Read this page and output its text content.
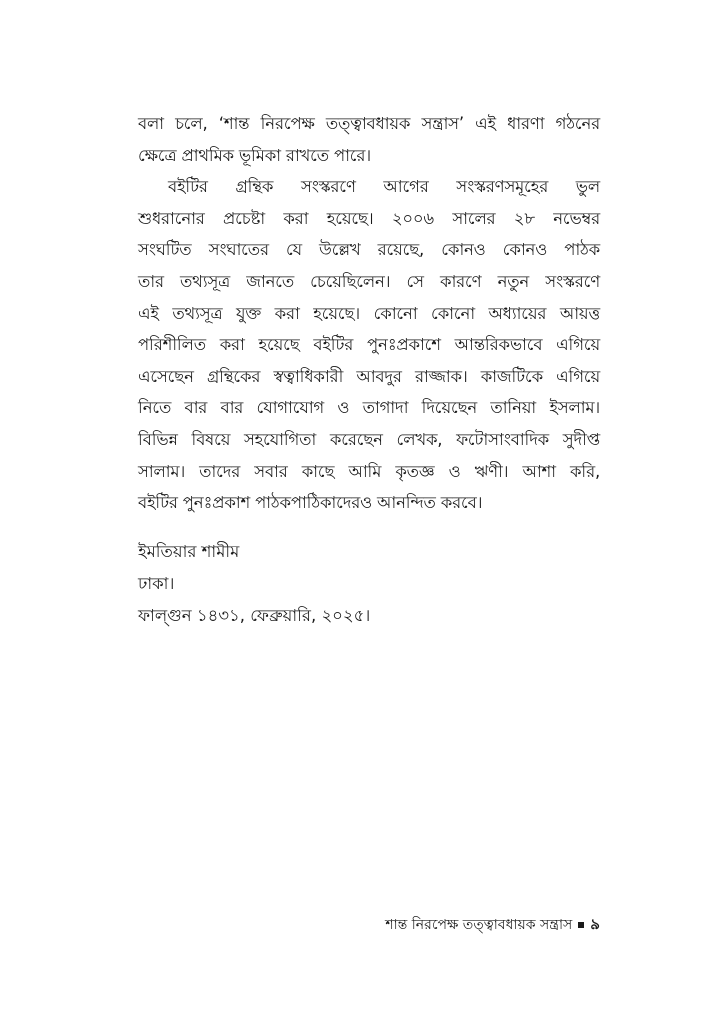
বলা চলে, ‘শান্ত নিরপেক্ষ তত্ত্বাবধায়ক সন্ত্রাস’ এই ধারণা গঠনের
ক্ষেত্রে প্রাথমিক ভূমিকা রাখতে পারে।
বইটির গ্রন্থিক সংস্করণে আগের সংস্করণসমূহের ভুল
শুধরানোর প্রচেষ্টা করা হয়েছে। ২০০৬ সালের ২৮ নভেম্বর
সংঘটিত সংঘাতের যে উল্লেখ রয়েছে, কোনও কোনও পাঠক
তার তথ্যসূত্র জানতে চেয়েছিলেন। সে কারণে নতুন সংস্করণে
এই তথ্যসূত্র যুক্ত করা হয়েছে। কোনো কোনো অধ্যায়ের আয়ত্ত
পরিশীলিত করা হয়েছে বইটির পুনঃপ্রকাশে আন্তরিকভাবে এগিয়ে
এসেছেন গ্রন্থিকের স্বত্বাধিকারী আবদুর রাজ্জাক। কাজটিকে এগিয়ে
নিতে বার বার যোগাযোগ ও তাগাদা দিয়েছেন তানিয়া ইসলাম।
বিভিন্ন বিষয়ে সহযোগিতা করেছেন লেখক, ফটোসাংবাদিক সুদীপ্ত
সালাম। তাদের সবার কাছে আমি কৃতজ্ঞ ও ঋণী। আশা করি,
বইটির পুনঃপ্রকাশ পাঠকপাঠিকাদেরও আনন্দিত করবে।
ইমতিয়ার শামীম
ঢাকা।
ফাল্গুন ১৪৩১, ফেব্রুয়ারি, ২০২৫।
শান্ত নিরপেক্ষ তত্ত্বাবধায়ক সন্ত্রাস ৯
